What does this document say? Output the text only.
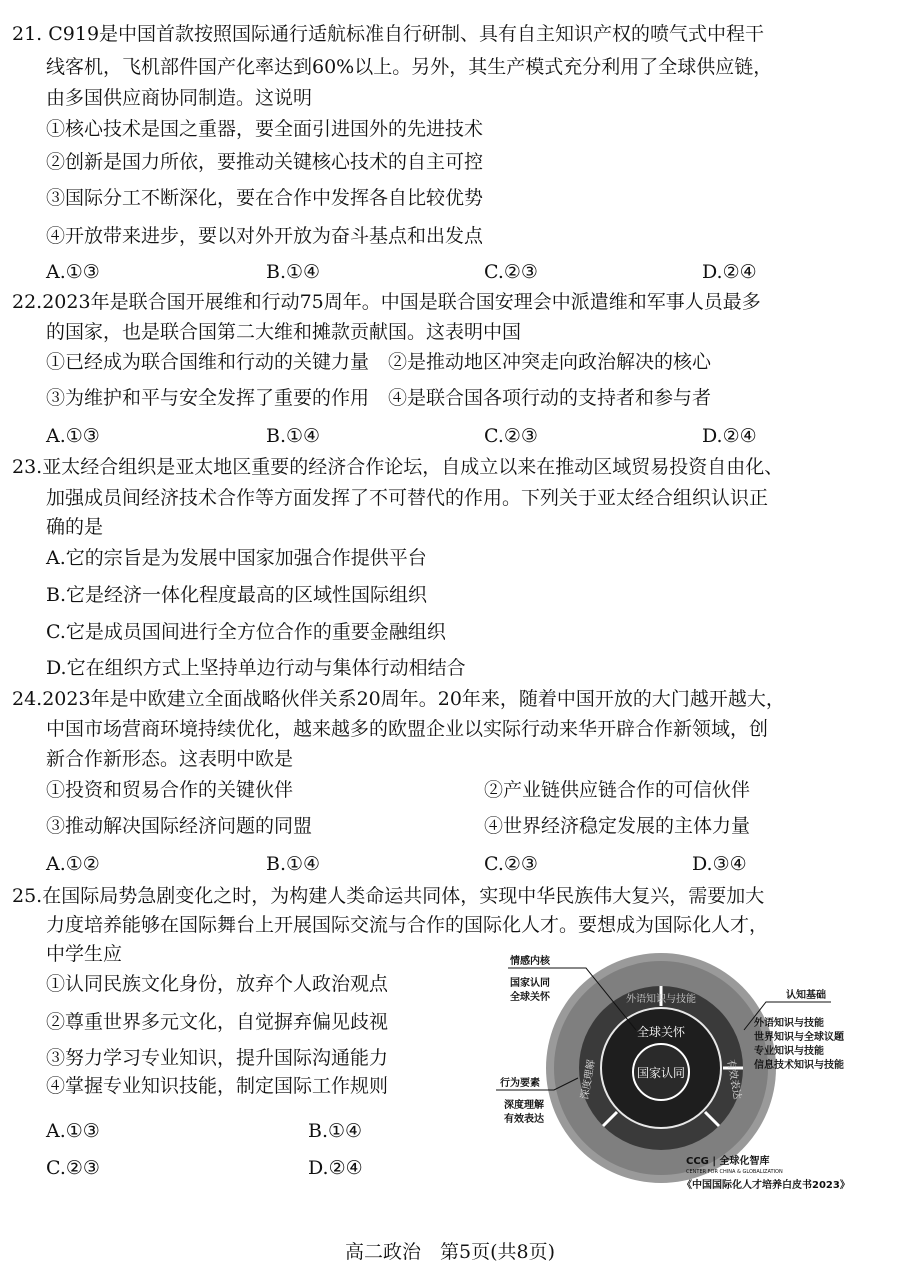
21. C919是中国首款按照国际通行适航标准自行研制、具有自主知识产权的喷气式中程干
线客机，飞机部件国产化率达到60%以上。另外，其生产模式充分利用了全球供应链，
由多国供应商协同制造。这说明
①核心技术是国之重器，要全面引进国外的先进技术
②创新是国力所依，要推动关键核心技术的自主可控
③国际分工不断深化，要在合作中发挥各自比较优势
④开放带来进步，要以对外开放为奋斗基点和出发点
A.①③	B.①④	C.②③	D.②④
22.2023年是联合国开展维和行动75周年。中国是联合国安理会中派遣维和军事人员最多
的国家，也是联合国第二大维和摊款贡献国。这表明中国
①已经成为联合国维和行动的关键力量　②是推动地区冲突走向政治解决的核心
③为维护和平与安全发挥了重要的作用　④是联合国各项行动的支持者和参与者
A.①③	B.①④	C.②③	D.②④
23.亚太经合组织是亚太地区重要的经济合作论坛，自成立以来在推动区域贸易投资自由化、
加强成员间经济技术合作等方面发挥了不可替代的作用。下列关于亚太经合组织认识正
确的是
A.它的宗旨是为发展中国家加强合作提供平台
B.它是经济一体化程度最高的区域性国际组织
C.它是成员国间进行全方位合作的重要金融组织
D.它在组织方式上坚持单边行动与集体行动相结合
24.2023年是中欧建立全面战略伙伴关系20周年。20年来，随着中国开放的大门越开越大，
中国市场营商环境持续优化，越来越多的欧盟企业以实际行动来华开辟合作新领域，创
新合作新形态。这表明中欧是
①投资和贸易合作的关键伙伴	②产业链供应链合作的可信伙伴
③推动解决国际经济问题的同盟	④世界经济稳定发展的主体力量
A.①②	B.①④	C.②③	D.③④
25.在国际局势急剧变化之时，为构建人类命运共同体，实现中华民族伟大复兴，需要加大
力度培养能够在国际舞台上开展国际交流与合作的国际化人才。要想成为国际化人才，
中学生应
①认同民族文化身份，放弃个人政治观点
②尊重世界多元文化，自觉摒弃偏见歧视
③努力学习专业知识，提升国际沟通能力
④掌握专业知识技能，制定国际工作规则
A.①③	B.①④
C.②③	D.②④
国家认同
全球关怀
外语知识与技能
有效表达
深度理解
情感内核
国家认同
全球关怀	认知基础
外语知识与技能
世界知识与全球议题
专业知识与技能
信息技术知识与技能
行为要素
深度理解
有效表达
CCG | 全球化智库
CENTER FOR CHINA & GLOBALIZATION
《中国国际化人才培养白皮书2023》
高二政治　第5页(共8页)
